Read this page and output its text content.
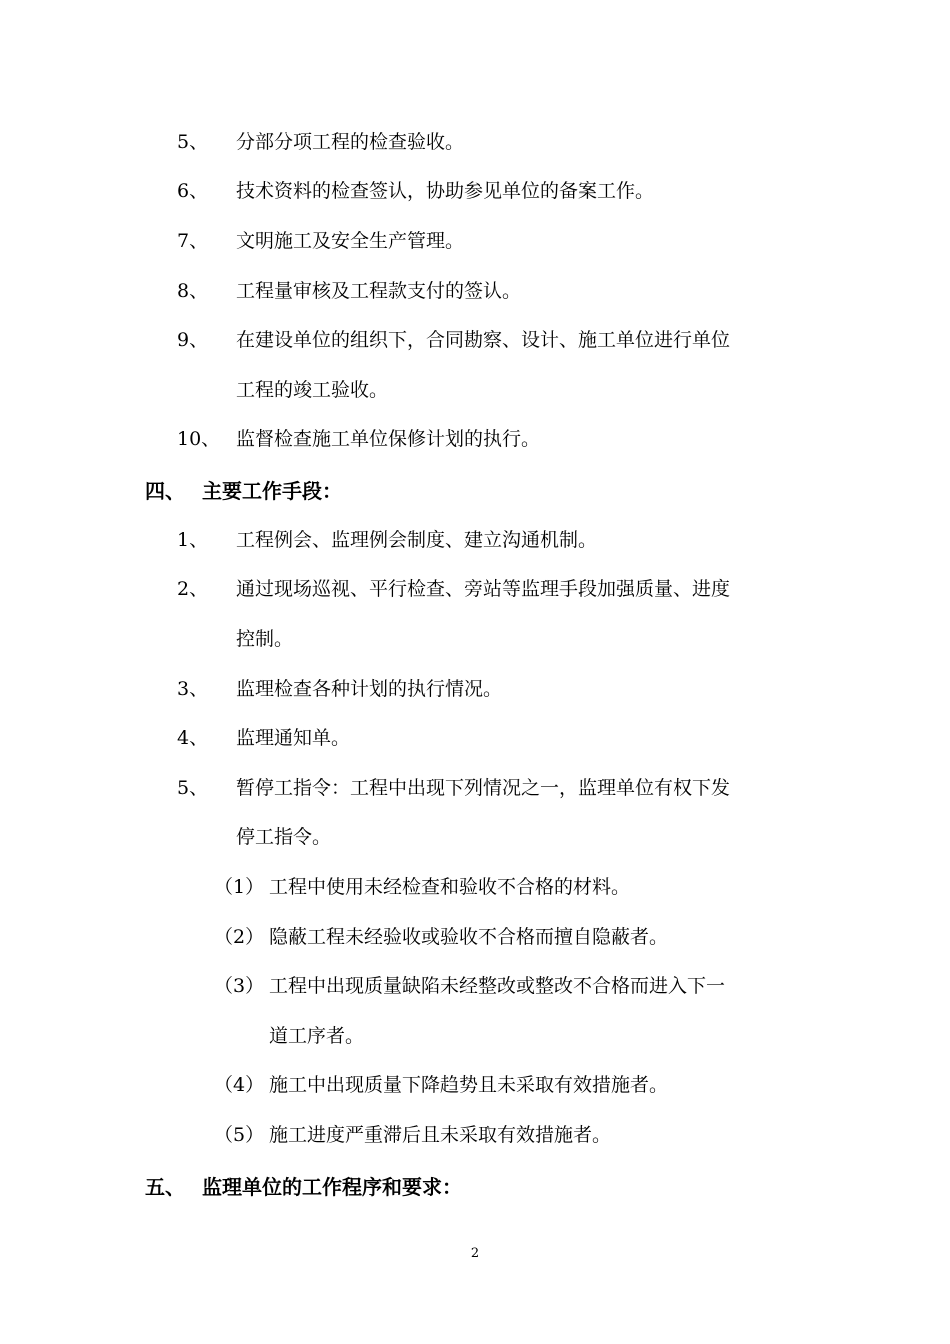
5、 分部分项工程的检查验收。
6、 技术资料的检查签认，协助参见单位的备案工作。
7、 文明施工及安全生产管理。
8、 工程量审核及工程款支付的签认。
9、 在建设单位的组织下，合同勘察、设计、施工单位进行单位
工程的竣工验收。
10、 监督检查施工单位保修计划的执行。
四、 主要工作手段：
1、 工程例会、监理例会制度、建立沟通机制。
2、 通过现场巡视、平行检查、旁站等监理手段加强质量、进度
控制。
3、 监理检查各种计划的执行情况。
4、 监理通知单。
5、 暂停工指令：工程中出现下列情况之一，监理单位有权下发
停工指令。
（1） 工程中使用未经检查和验收不合格的材料。
（2） 隐蔽工程未经验收或验收不合格而擅自隐蔽者。
（3） 工程中出现质量缺陷未经整改或整改不合格而进入下一
道工序者。
（4） 施工中出现质量下降趋势且未采取有效措施者。
（5） 施工进度严重滞后且未采取有效措施者。
五、 监理单位的工作程序和要求：
2
